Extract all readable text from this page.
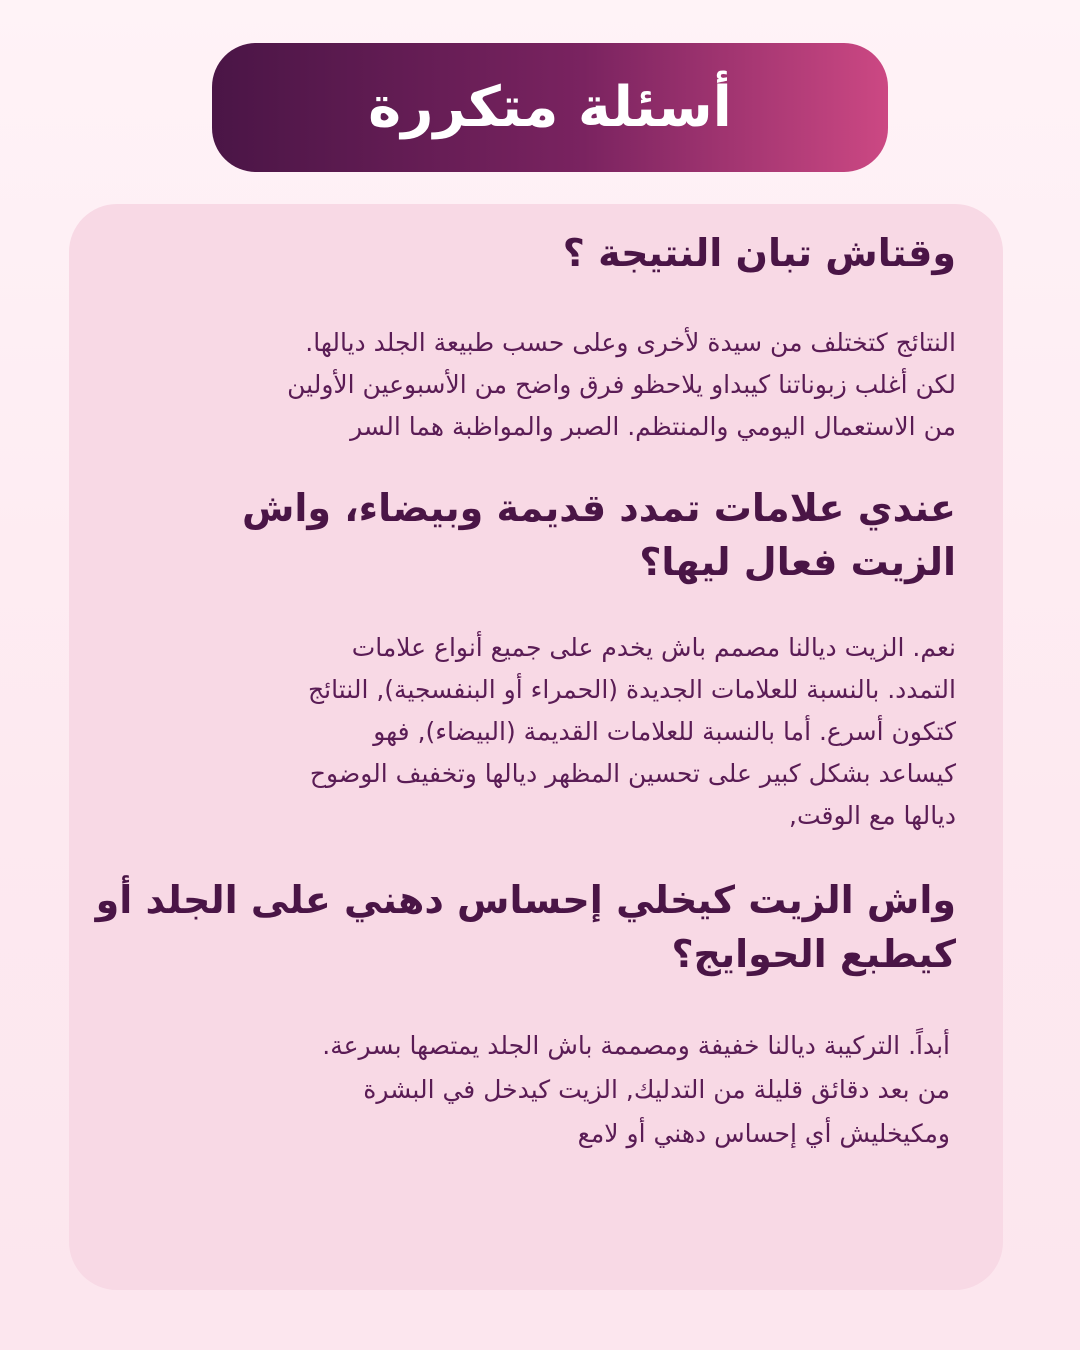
أسئلة متكررة
وقتاش تبان النتيجة ؟
النتائج كتختلف من سيدة لأخرى وعلى حسب طبيعة الجلد ديالها.
لكن أغلب زبوناتنا كيبداو يلاحظو فرق واضح من الأسبوعين الأولين
من الاستعمال اليومي والمنتظم. الصبر والمواظبة هما السر
عندي علامات تمدد قديمة وبيضاء، واش
الزيت فعال ليها؟
نعم. الزيت ديالنا مصمم باش يخدم على جميع أنواع علامات
التمدد. بالنسبة للعلامات الجديدة (الحمراء أو البنفسجية), النتائج
كتكون أسرع. أما بالنسبة للعلامات القديمة (البيضاء), فهو
كيساعد بشكل كبير على تحسين المظهر ديالها وتخفيف الوضوح
ديالها مع الوقت,
واش الزيت كيخلي إحساس دهني على الجلد أو
كيطبع الحوايج؟
أبداً. التركيبة ديالنا خفيفة ومصممة باش الجلد يمتصها بسرعة.
من بعد دقائق قليلة من التدليك, الزيت كيدخل في البشرة
ومكيخليش أي إحساس دهني أو لامع
